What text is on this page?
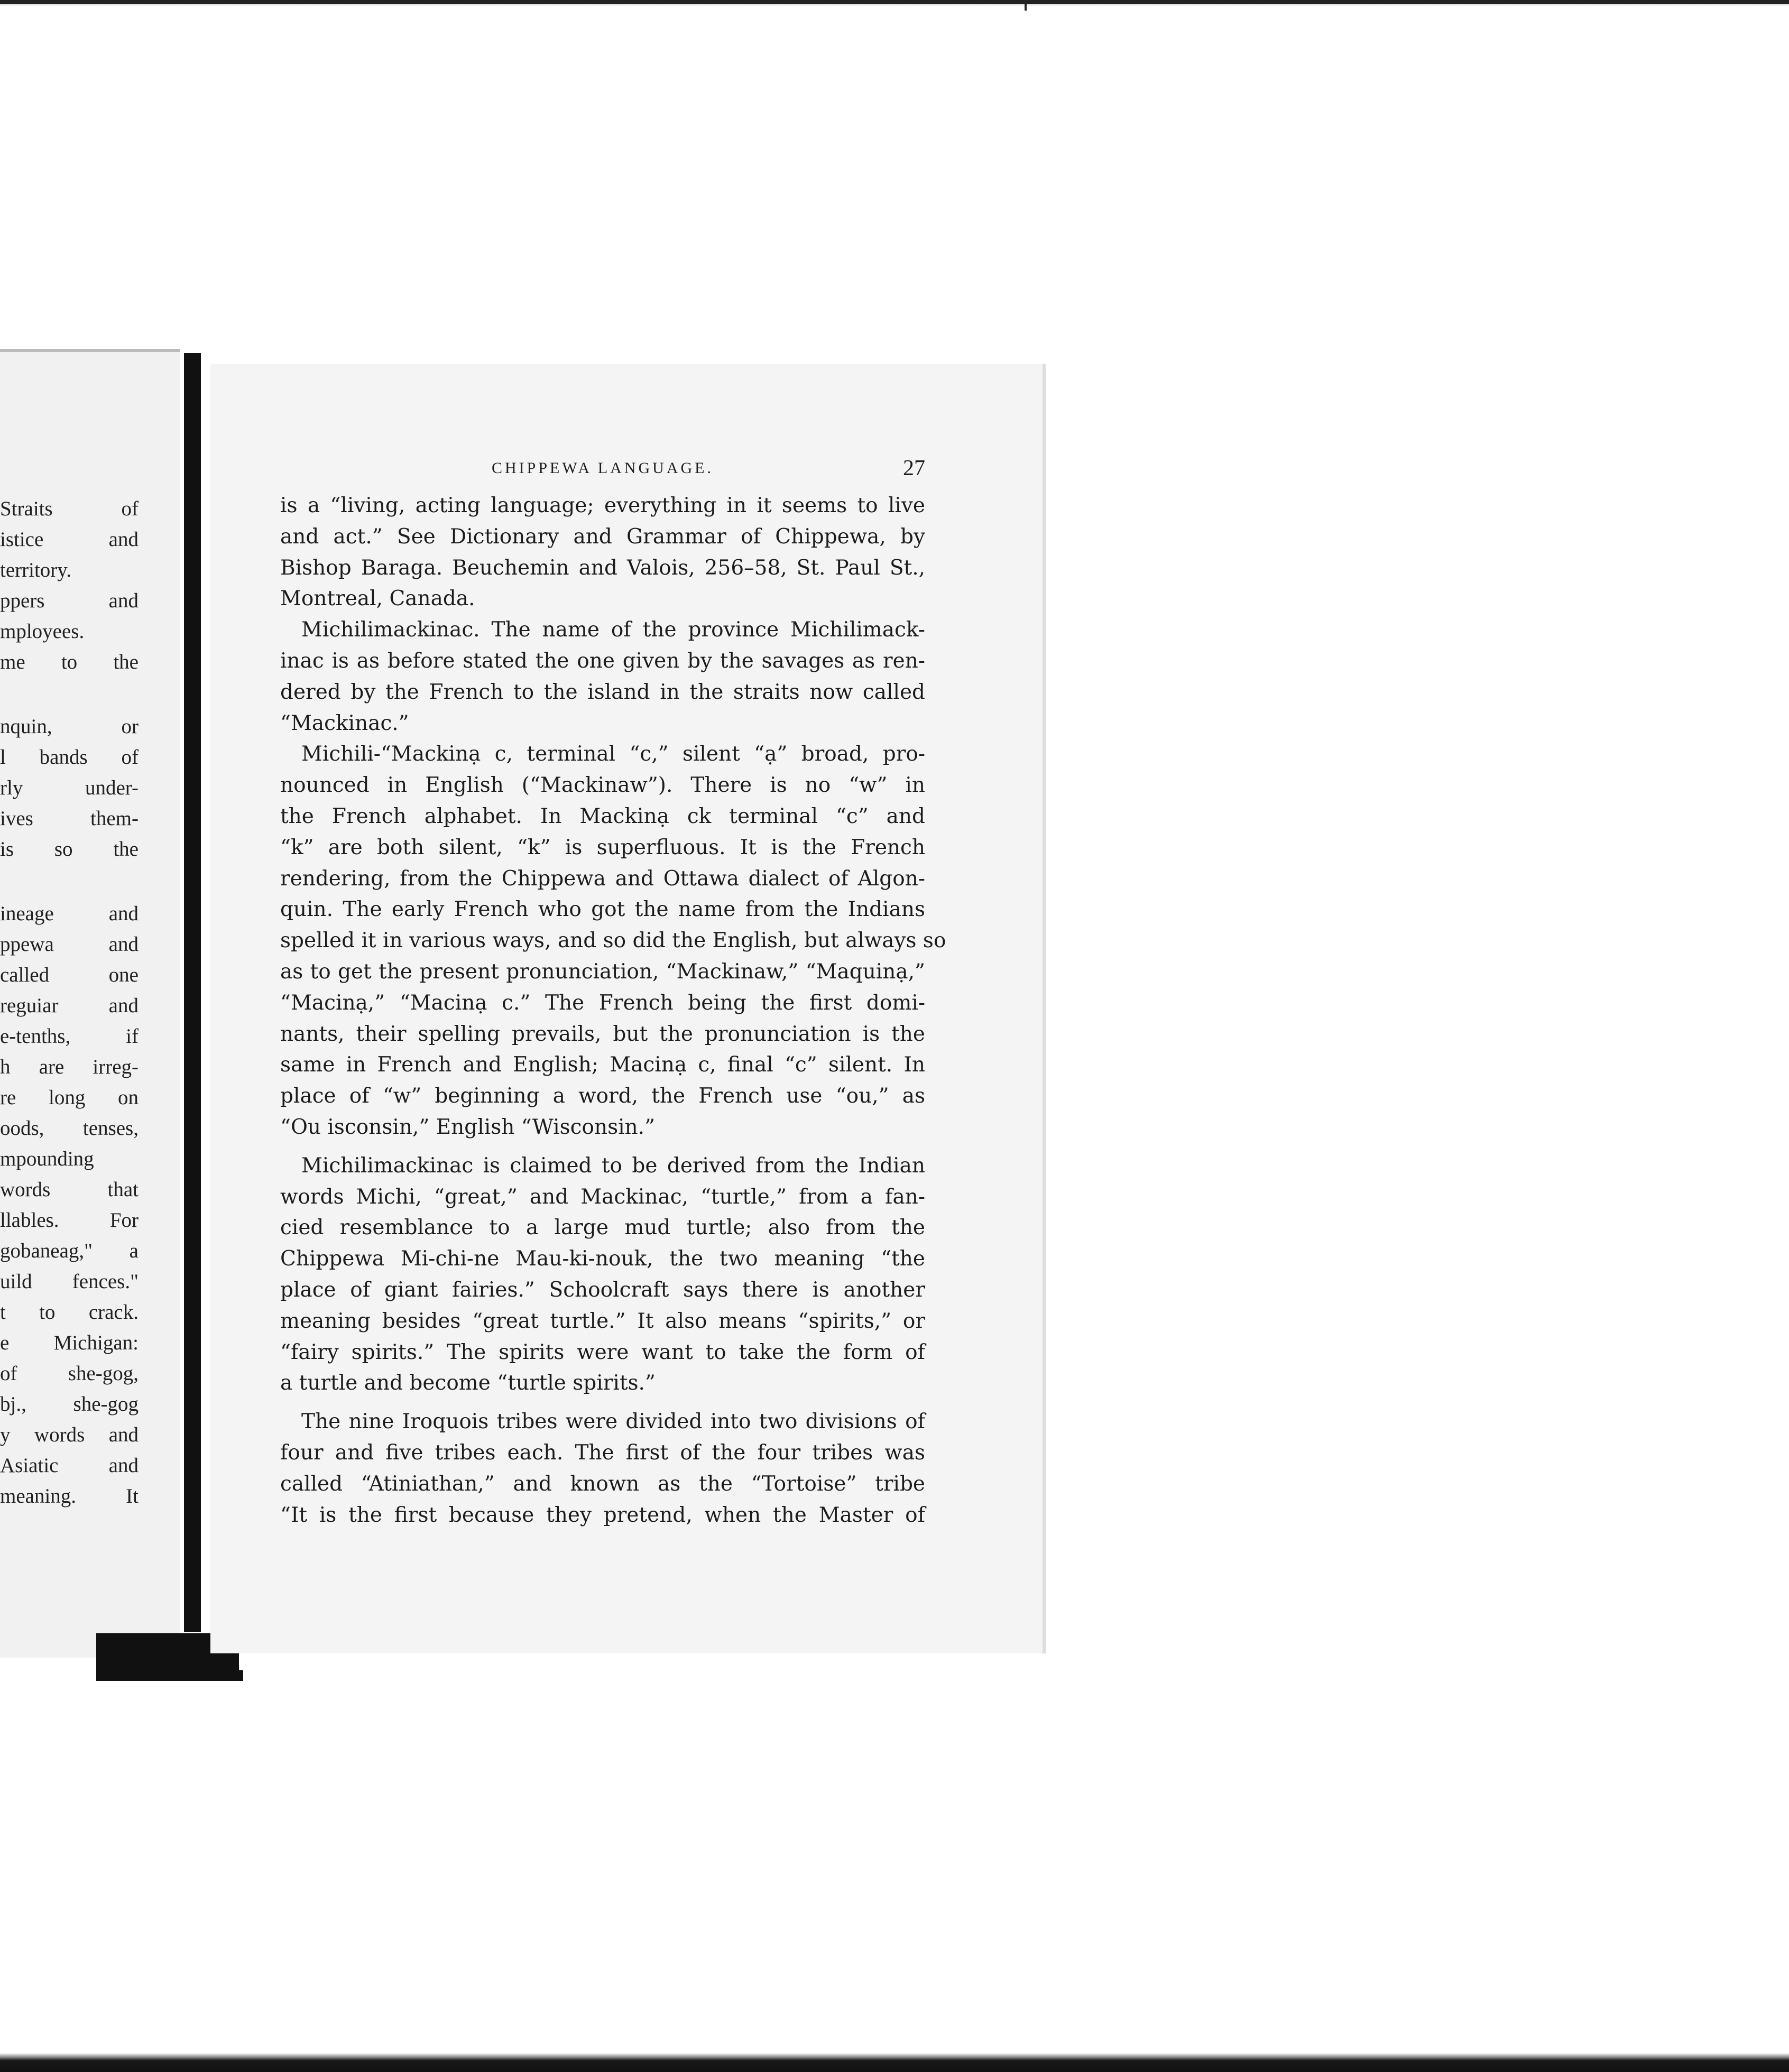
Straits of
istice and
territory.
ppers and
mployees.
me to the
nquin, or
l bands of
rly under-
ives them-
is so the
ineage and
ppewa and
called one
reguiar and
e-tenths, if
h are irreg-
re long on
oods, tenses,
mpounding
words that
llables. For
gobaneag," a
uild fences."
t to crack.
e Michigan:
of she-gog,
bj., she-gog
y words and
Asiatic and
meaning. It
o
CHIPPEWA LANGUAGE.	27
is a “living, acting language; everything in it seems to live
and act.” See Dictionary and Grammar of Chippewa, by
Bishop Baraga. Beuchemin and Valois, 256–58, St. Paul St.,
Montreal, Canada.
Michilimackinac. The name of the province Michilimack-
inac is as before stated the one given by the savages as ren-
dered by the French to the island in the straits now called
“Mackinac.”
Michili-“Mackinạ c, terminal “c,” silent “ạ” broad, pro-
nounced in English (“Mackinaw”). There is no “w” in
the French alphabet. In Mackinạ ck terminal “c” and
“k” are both silent, “k” is superfluous. It is the French
rendering, from the Chippewa and Ottawa dialect of Algon-
quin. The early French who got the name from the Indians
spelled it in various ways, and so did the English, but always so
as to get the present pronunciation, “Mackinaw,” “Maquinạ,”
“Macinạ,” “Macinạ c.” The French being the first domi-
nants, their spelling prevails, but the pronunciation is the
same in French and English; Macinạ c, final “c” silent. In
place of “w” beginning a word, the French use “ou,” as
“Ou isconsin,” English “Wisconsin.”
Michilimackinac is claimed to be derived from the Indian
words Michi, “great,” and Mackinac, “turtle,” from a fan-
cied resemblance to a large mud turtle; also from the
Chippewa Mi-chi-ne Mau-ki-nouk, the two meaning “the
place of giant fairies.” Schoolcraft says there is another
meaning besides “great turtle.” It also means “spirits,” or
“fairy spirits.” The spirits were want to take the form of
a turtle and become “turtle spirits.”
The nine Iroquois tribes were divided into two divisions of
four and five tribes each. The first of the four tribes was
called “Atiniathan,” and known as the “Tortoise” tribe
“It is the first because they pretend, when the Master of
